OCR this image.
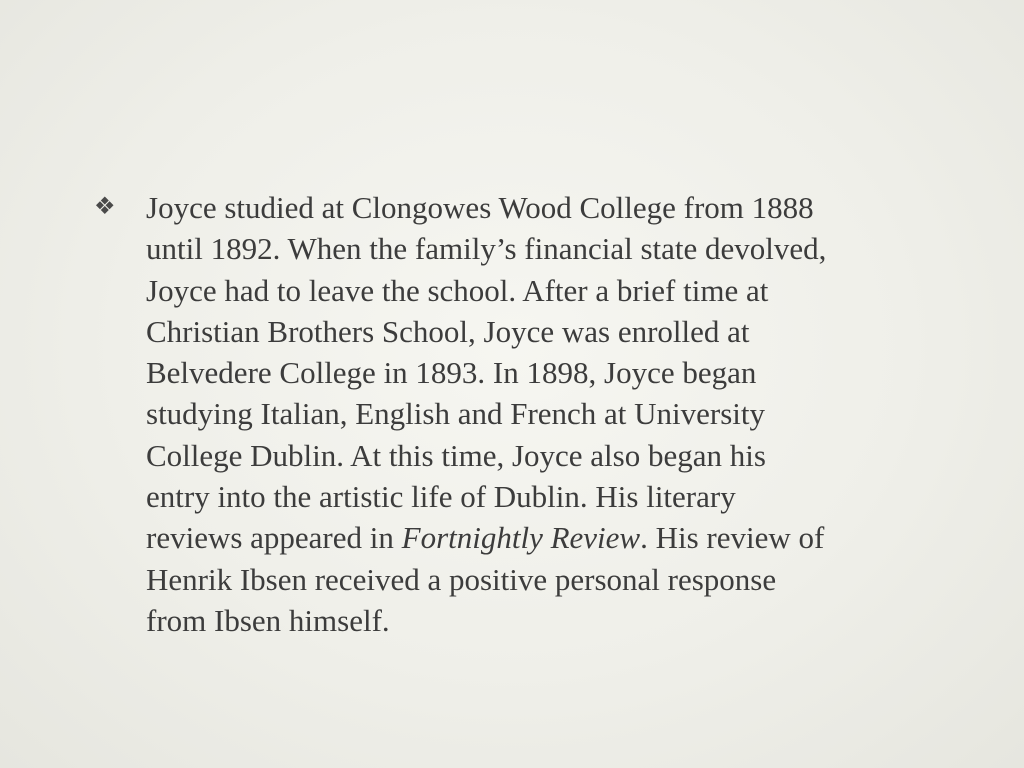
❖ Joyce studied at Clongowes Wood College from 1888
until 1892. When the family’s financial state devolved,
Joyce had to leave the school. After a brief time at
Christian Brothers School, Joyce was enrolled at
Belvedere College in 1893. In 1898, Joyce began
studying Italian, English and French at University
College Dublin. At this time, Joyce also began his
entry into the artistic life of Dublin. His literary
reviews appeared in Fortnightly Review. His review of
Henrik Ibsen received a positive personal response
from Ibsen himself.
